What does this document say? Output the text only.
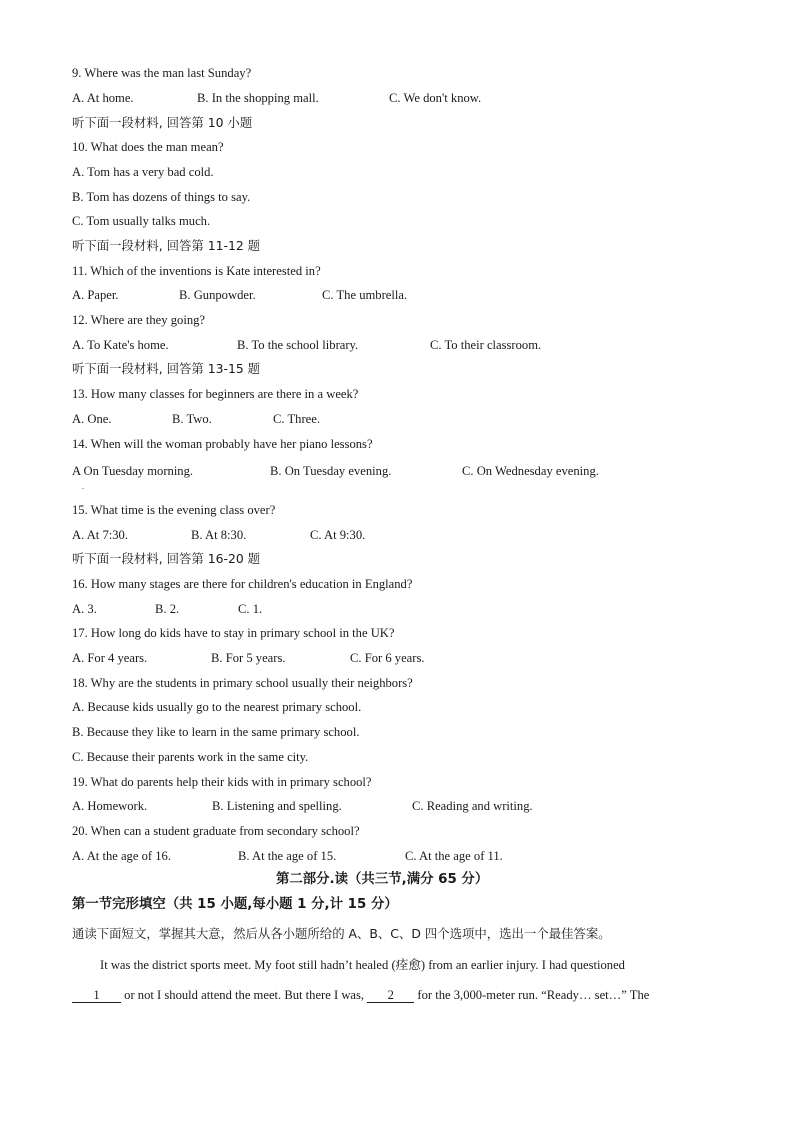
9. Where was the man last Sunday?
A. At home.	B. In the shopping mall.	C. We don't know.
听下面一段材料, 回答第 10 小题
10. What does the man mean?
A. Tom has a very bad cold.
B. Tom has dozens of things to say.
C. Tom usually talks much.
听下面一段材料, 回答第 11-12 题
11. Which of the inventions is Kate interested in?
A. Paper.	B. Gunpowder.	C. The umbrella.
12. Where are they going?
A. To Kate's home.	B. To the school library.	C. To their classroom.
听下面一段材料, 回答第 13-15 题
13. How many classes for beginners are there in a week?
A. One.	B. Two.	C. Three.
14. When will the woman probably have her piano lessons?
A On Tuesday morning.	B. On Tuesday evening.	C. On Wednesday evening.
.
15. What time is the evening class over?
A. At 7:30.	B. At 8:30.	C. At 9:30.
听下面一段材料, 回答第 16-20 题
16. How many stages are there for children's education in England?
A. 3.	B. 2.	C. 1.
17. How long do kids have to stay in primary school in the UK?
A. For 4 years.	B. For 5 years.	C. For 6 years.
18. Why are the students in primary school usually their neighbors?
A. Because kids usually go to the nearest primary school.
B. Because they like to learn in the same primary school.
C. Because their parents work in the same city.
19. What do parents help their kids with in primary school?
A. Homework.	B. Listening and spelling.	C. Reading and writing.
20. When can a student graduate from secondary school?
A. At the age of 16.	B. At the age of 15.	C. At the age of 11.
第二部分.读（共三节,满分 65 分）
第一节完形填空（共 15 小题,每小题 1 分,计 15 分）
通读下面短文，掌握其大意，然后从各小题所给的 A、B、C、D 四个选项中，选出一个最佳答案。
It was the district sports meet. My foot still hadn’t healed (痊愈) from an earlier injury. I had questioned
1 or not I should attend the meet. But there I was, 2 for the 3,000-meter run. “Ready… set…” The
